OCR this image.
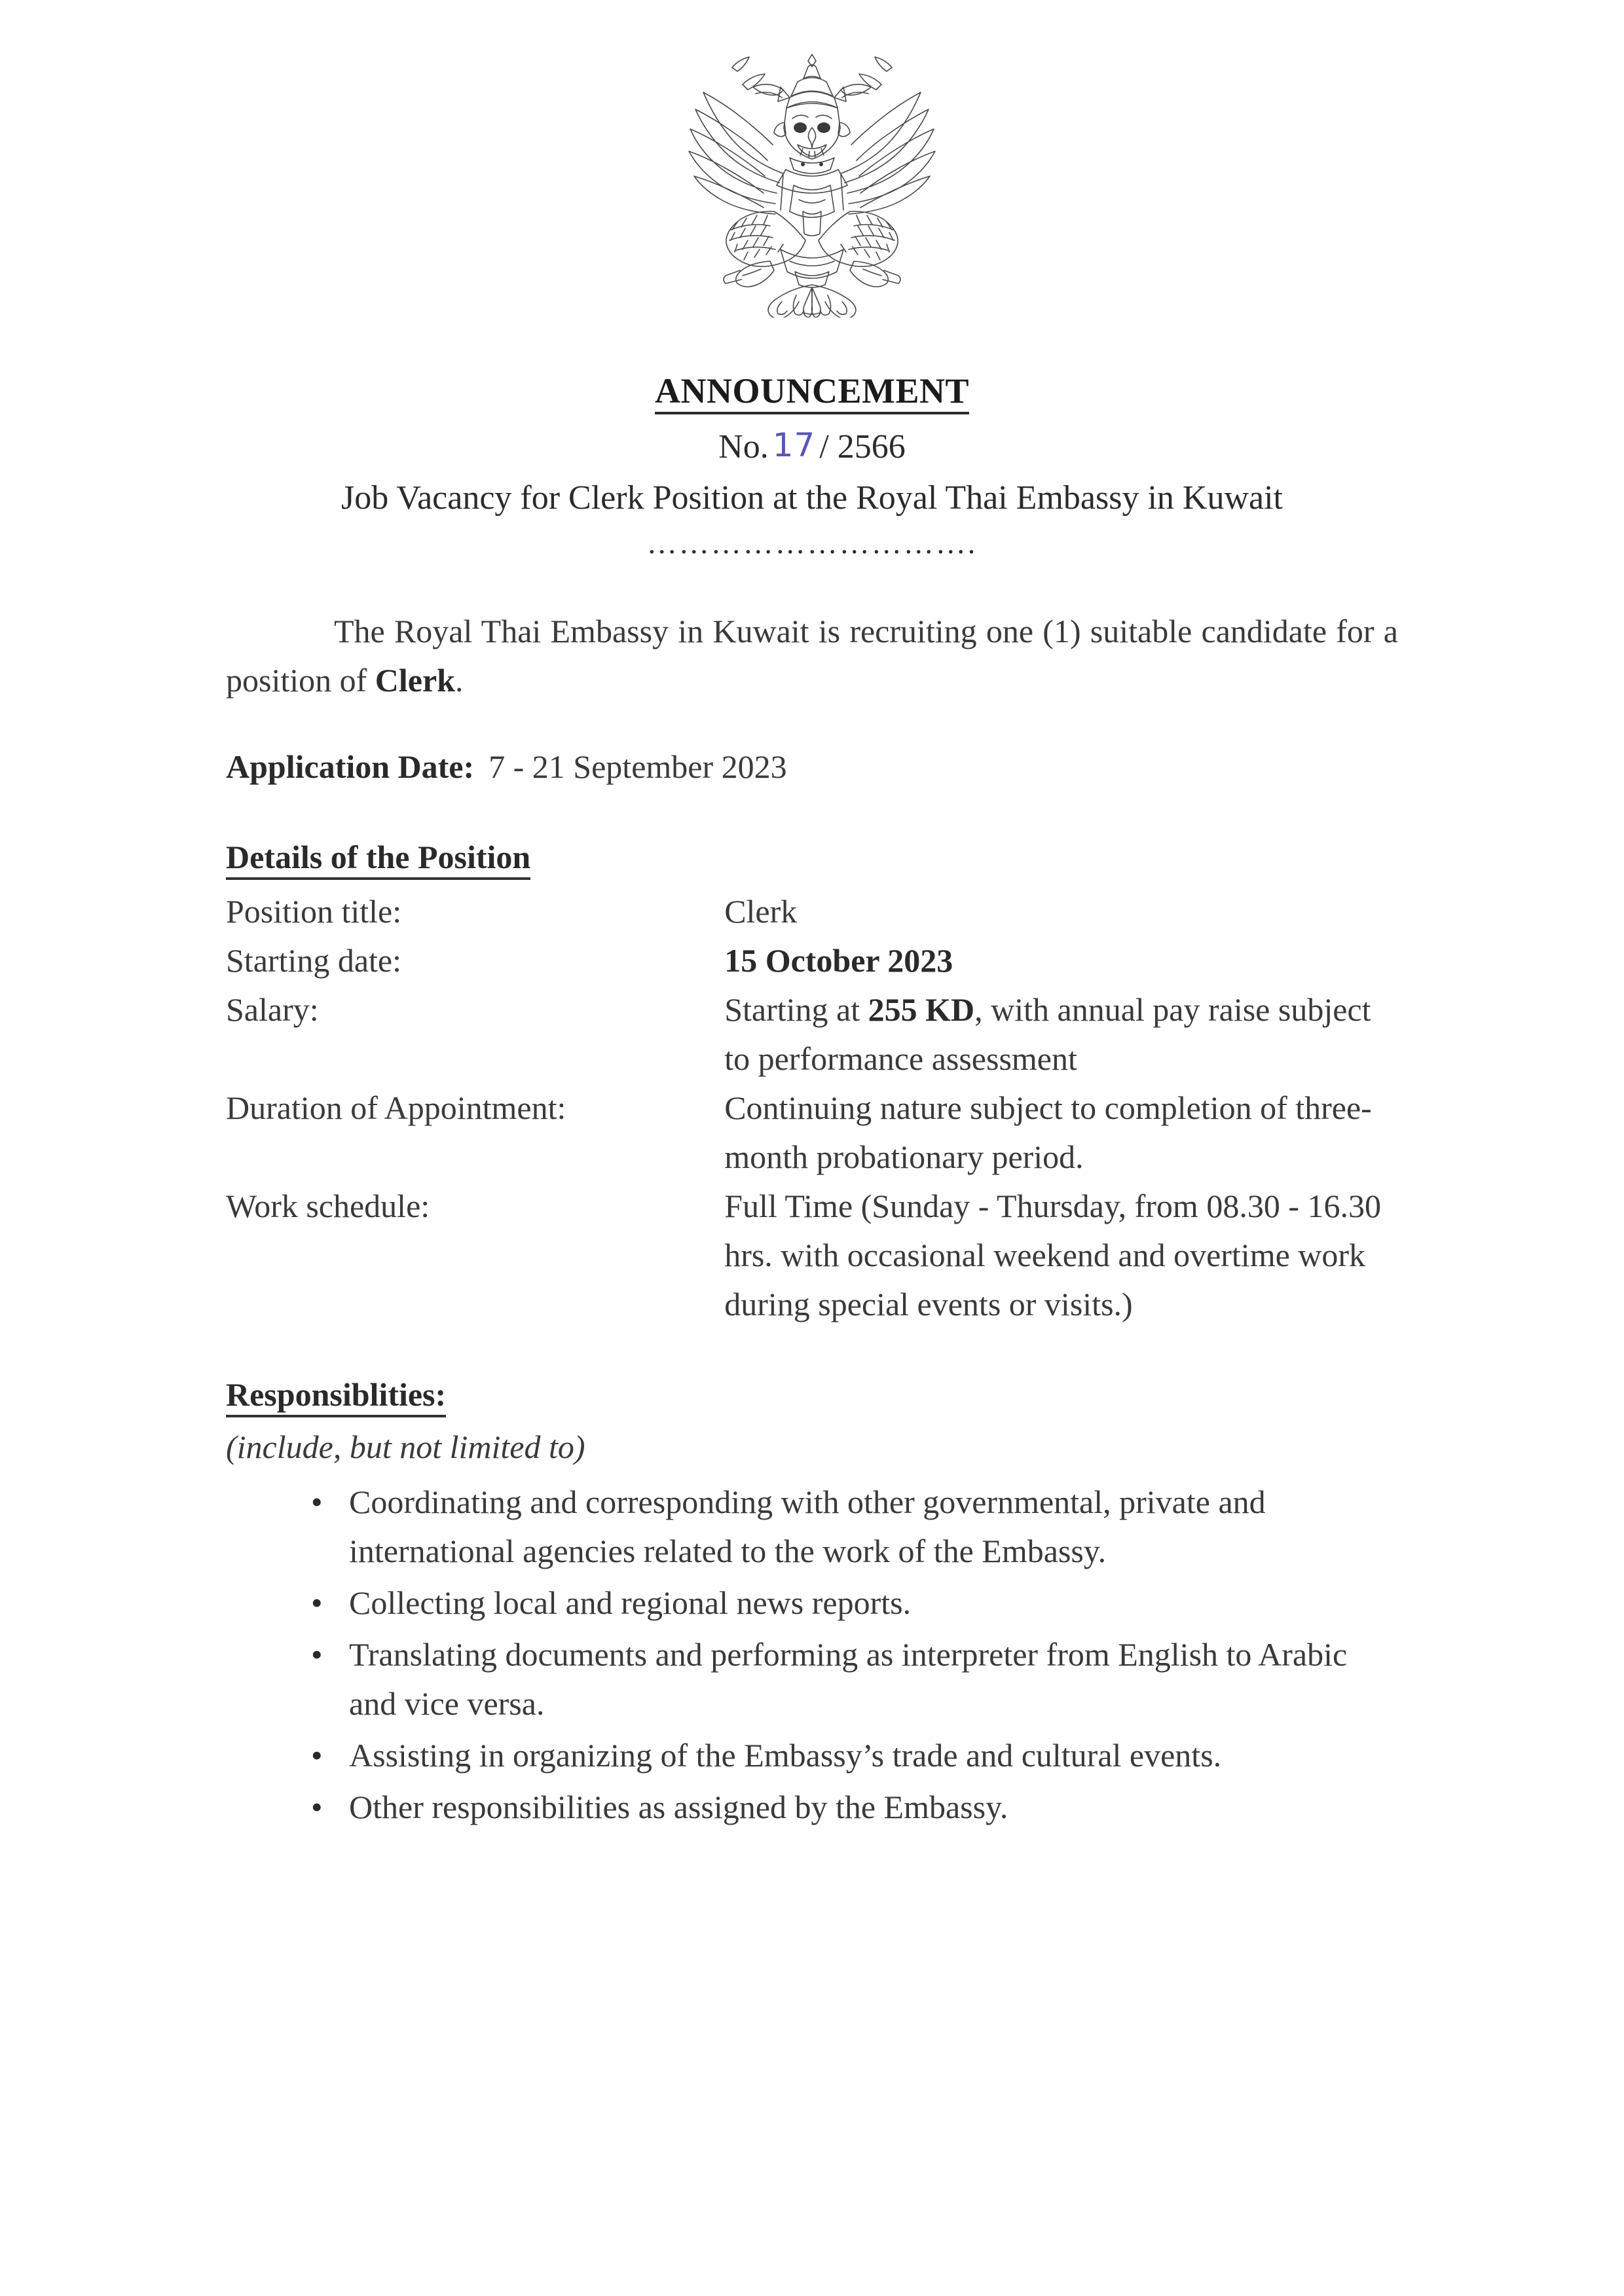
ANNOUNCEMENT
No. 17 / 2566
Job Vacancy for Clerk Position at the Royal Thai Embassy in Kuwait
………………………….

The Royal Thai Embassy in Kuwait is recruiting one (1) suitable candidate for a position of Clerk.

Application Date: 7 - 21 September 2023
Details of the Position
Position title:	Clerk
Starting date:	15 October 2023
Salary:	Starting at 255 KD, with annual pay raise subject to performance assessment
Duration of Appointment:	Continuing nature subject to completion of three-month probationary period.
Work schedule:	Full Time (Sunday - Thursday, from 08.30 - 16.30 hrs. with occasional weekend and overtime work during special events or visits.)
Responsiblities:
(include, but not limited to)
• Coordinating and corresponding with other governmental, private and international agencies related to the work of the Embassy.
• Collecting local and regional news reports.
• Translating documents and performing as interpreter from English to Arabic and vice versa.
• Assisting in organizing of the Embassy’s trade and cultural events.
• Other responsibilities as assigned by the Embassy.
